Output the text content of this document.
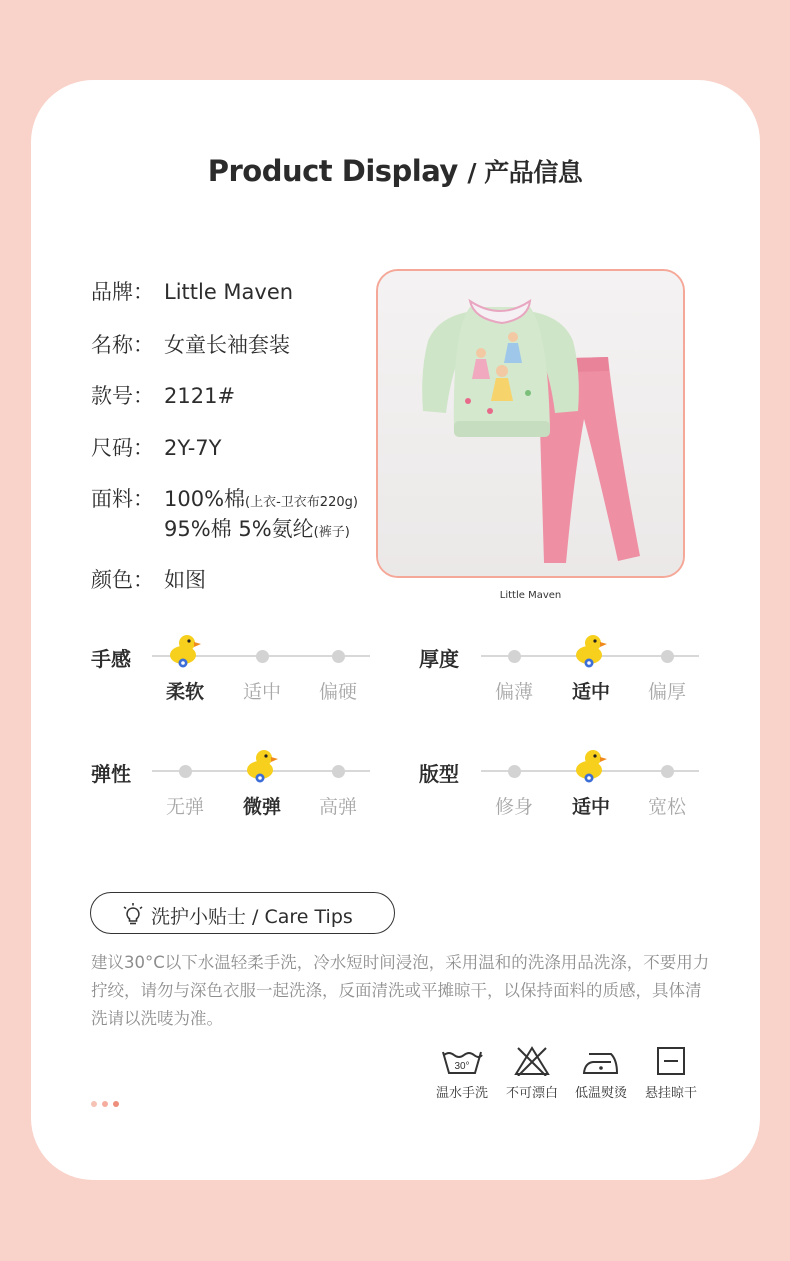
Product Display / 产品信息
品牌： Little Maven
名称： 女童长袖套装
款号： 2121#
尺码： 2Y-7Y
面料： 100%棉(上衣-卫衣布220g)
95%棉 5%氨纶(裤子)
颜色： 如图
Little Maven
手感
柔软	适中	偏硬
厚度
偏薄	适中	偏厚
弹性
无弹	微弹	高弹
版型
修身	适中	宽松
洗护小贴士 / Care Tips
建议30°C以下水温轻柔手洗，冷水短时间浸泡，采用温和的洗涤用品洗涤，不要用力拧绞，请勿与深色衣服一起洗涤，反面清洗或平摊晾干，以保持面料的质感，具体清洗请以洗唛为准。
30°
温水手洗	不可漂白	低温熨烫	悬挂晾干
